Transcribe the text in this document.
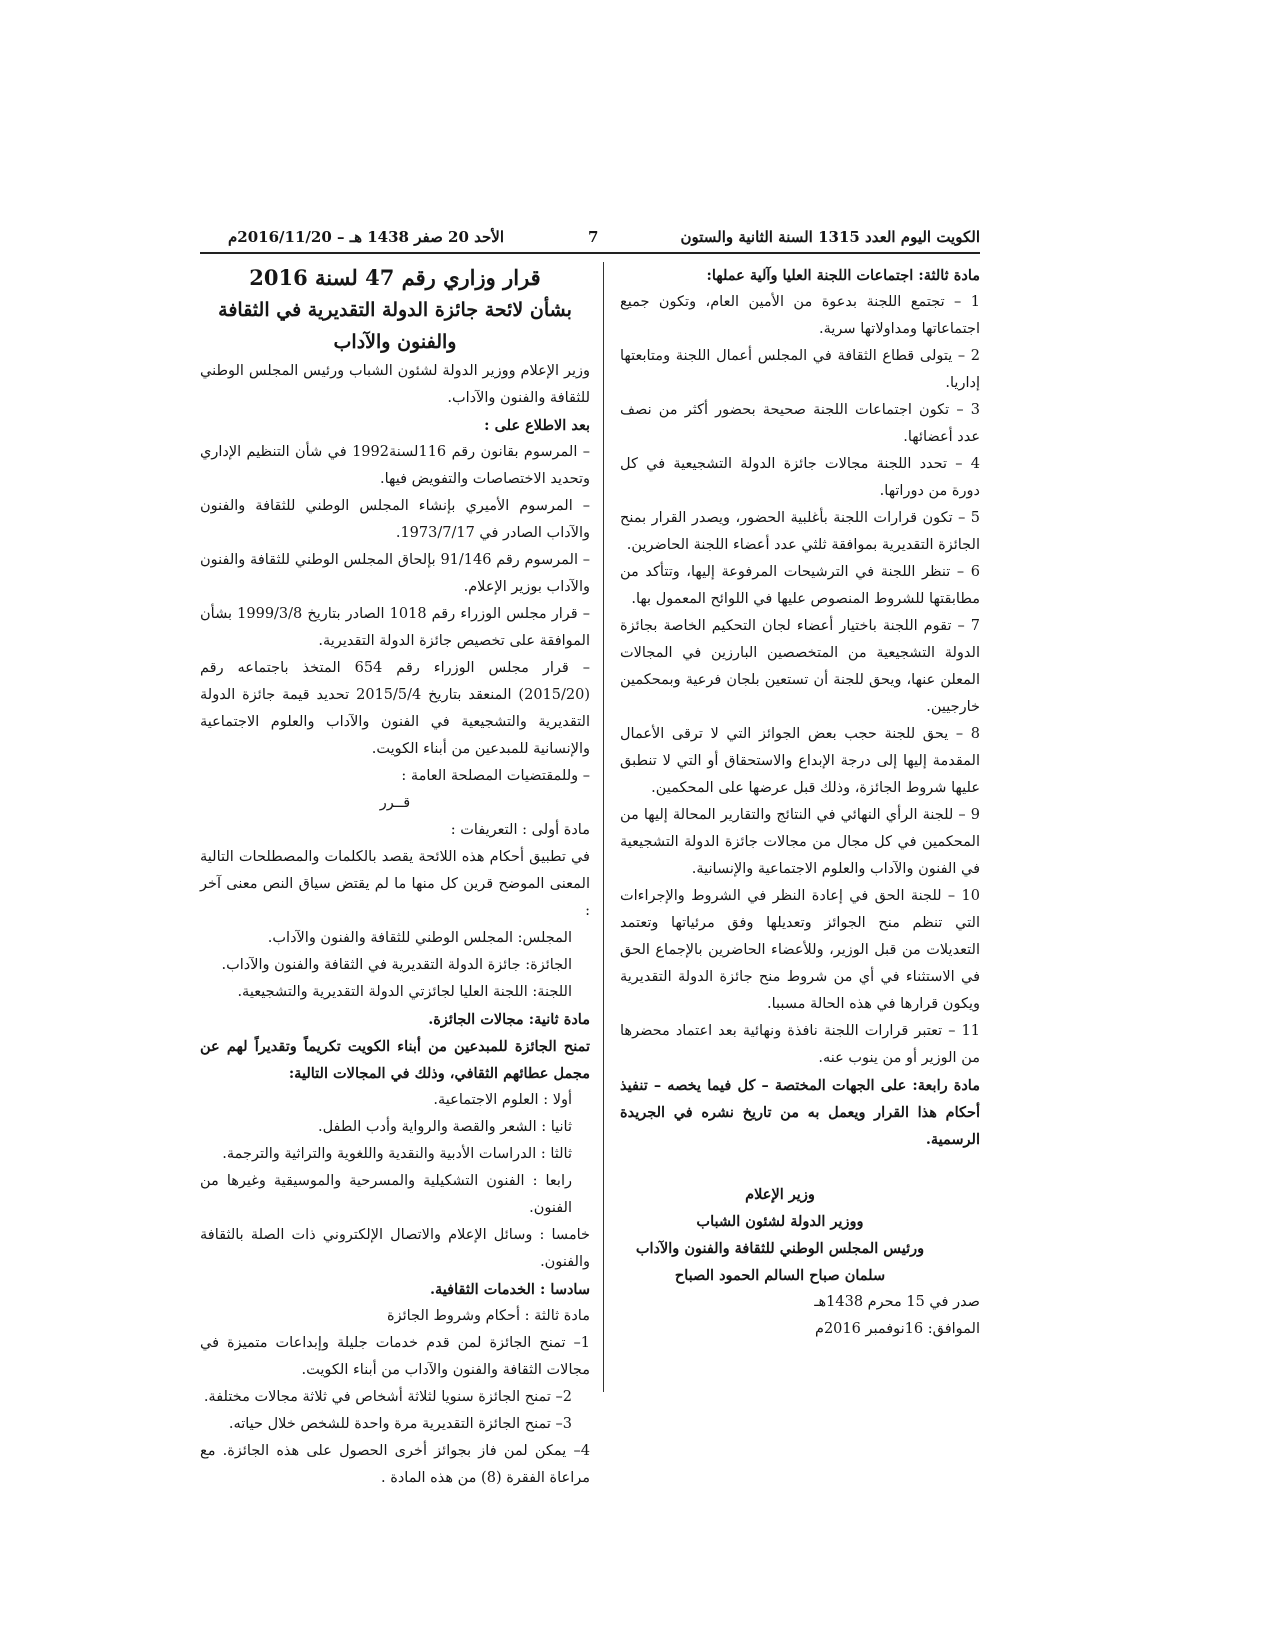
الكويت اليوم العدد 1315 السنة الثانية والستون
7
الأحد 20 صفر 1438 هـ – 2016/11/20م

مادة ثالثة: اجتماعات اللجنة العليا وآلية عملها:

1 – تجتمع اللجنة بدعوة من الأمين العام، وتكون جميع اجتماعاتها ومداولاتها سرية.

2 – يتولى قطاع الثقافة في المجلس أعمال اللجنة ومتابعتها إداريا.

3 – تكون اجتماعات اللجنة صحيحة بحضور أكثر من نصف عدد أعضائها.

4 – تحدد اللجنة مجالات جائزة الدولة التشجيعية في كل دورة من دوراتها.

5 – تكون قرارات اللجنة بأغلبية الحضور، ويصدر القرار بمنح الجائزة التقديرية بموافقة ثلثي عدد أعضاء اللجنة الحاضرين.

6 – تنظر اللجنة في الترشيحات المرفوعة إليها، وتتأكد من مطابقتها للشروط المنصوص عليها في اللوائح المعمول بها.

7 – تقوم اللجنة باختيار أعضاء لجان التحكيم الخاصة بجائزة الدولة التشجيعية من المتخصصين البارزين في المجالات المعلن عنها، ويحق للجنة أن تستعين بلجان فرعية وبمحكمين خارجيين.

8 – يحق للجنة حجب بعض الجوائز التي لا ترقى الأعمال المقدمة إليها إلى درجة الإبداع والاستحقاق أو التي لا تنطبق عليها شروط الجائزة، وذلك قبل عرضها على المحكمين.

9 – للجنة الرأي النهائي في النتائج والتقارير المحالة إليها من المحكمين في كل مجال من مجالات جائزة الدولة التشجيعية في الفنون والآداب والعلوم الاجتماعية والإنسانية.

10 – للجنة الحق في إعادة النظر في الشروط والإجراءات التي تنظم منح الجوائز وتعديلها وفق مرئياتها وتعتمد التعديلات من قبل الوزير، وللأعضاء الحاضرين بالإجماع الحق في الاستثناء في أي من شروط منح جائزة الدولة التقديرية ويكون قرارها في هذه الحالة مسببا.

11 – تعتبر قرارات اللجنة نافذة ونهائية بعد اعتماد محضرها من الوزير أو من ينوب عنه.

مادة رابعة: على الجهات المختصة – كل فيما يخصه – تنفيذ أحكام هذا القرار ويعمل به من تاريخ نشره في الجريدة الرسمية.

وزير الإعلام

ووزير الدولة لشئون الشباب

ورئيس المجلس الوطني للثقافة والفنون والآداب

سلمان صباح السالم الحمود الصباح

صدر في 15 محرم 1438هـ

الموافق: 16نوفمبر 2016م

قرار وزاري رقم 47 لسنة 2016

بشأن لائحة جائزة الدولة التقديرية في الثقافة والفنون والآداب

وزير الإعلام ووزير الدولة لشئون الشباب ورئيس المجلس الوطني للثقافة والفنون والآداب.

بعد الاطلاع على :

– المرسوم بقانون رقم 116لسنة1992 في شأن التنظيم الإداري وتحديد الاختصاصات والتفويض فيها.

– المرسوم الأميري بإنشاء المجلس الوطني للثقافة والفنون والآداب الصادر في 1973/7/17.

– المرسوم رقم 91/146 بإلحاق المجلس الوطني للثقافة والفنون والآداب بوزير الإعلام.

– قرار مجلس الوزراء رقم 1018 الصادر بتاريخ 1999/3/8 بشأن الموافقة على تخصيص جائزة الدولة التقديرية.

– قرار مجلس الوزراء رقم 654 المتخذ باجتماعه رقم (2015/20) المنعقد بتاريخ 2015/5/4 تحديد قيمة جائزة الدولة التقديرية والتشجيعية في الفنون والآداب والعلوم الاجتماعية والإنسانية للمبدعين من أبناء الكويت.

– وللمقتضيات المصلحة العامة :

قــرر

مادة أولى : التعريفات :

في تطبيق أحكام هذه اللائحة يقصد بالكلمات والمصطلحات التالية المعنى الموضح قرين كل منها ما لم يقتض سياق النص معنى آخر :

المجلس: المجلس الوطني للثقافة والفنون والآداب.

الجائزة: جائزة الدولة التقديرية في الثقافة والفنون والآداب.

اللجنة: اللجنة العليا لجائزتي الدولة التقديرية والتشجيعية.

مادة ثانية: مجالات الجائزة.

تمنح الجائزة للمبدعين من أبناء الكويت تكريماً وتقديراً لهم عن مجمل عطائهم الثقافي، وذلك في المجالات التالية:

أولا : العلوم الاجتماعية.

ثانيا : الشعر والقصة والرواية وأدب الطفل.

ثالثا : الدراسات الأدبية والنقدية واللغوية والتراثية والترجمة.

رابعا : الفنون التشكيلية والمسرحية والموسيقية وغيرها من الفنون.

خامسا : وسائل الإعلام والاتصال الإلكتروني ذات الصلة بالثقافة والفنون.

سادسا : الخدمات الثقافية.

مادة ثالثة : أحكام وشروط الجائزة

1– تمنح الجائزة لمن قدم خدمات جليلة وإبداعات متميزة في مجالات الثقافة والفنون والآداب من أبناء الكويت.

2– تمنح الجائزة سنويا لثلاثة أشخاص في ثلاثة مجالات مختلفة.

3– تمنح الجائزة التقديرية مرة واحدة للشخص خلال حياته.

4– يمكن لمن فاز بجوائز أخرى الحصول على هذه الجائزة. مع مراعاة الفقرة (8) من هذه المادة .
